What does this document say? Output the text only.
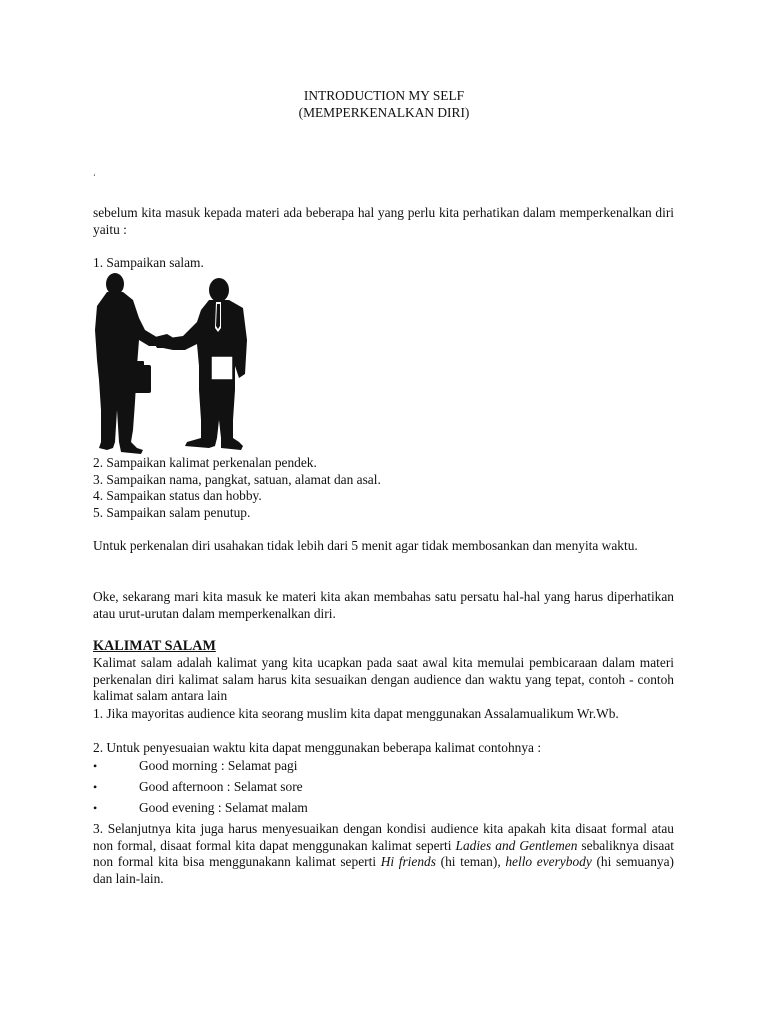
INTRODUCTION MY SELF
(MEMPERKENALKAN DIRI)
ʻ
sebelum kita masuk kepada materi ada beberapa hal yang perlu kita perhatikan dalam memperkenalkan diri yaitu :
1. Sampaikan salam.
2. Sampaikan kalimat perkenalan pendek.
3. Sampaikan nama, pangkat, satuan, alamat dan asal.
4. Sampaikan status dan hobby.
5. Sampaikan salam penutup.
Untuk perkenalan diri usahakan tidak lebih dari 5 menit agar tidak membosankan dan menyita waktu.
Oke, sekarang mari kita masuk ke materi kita akan membahas satu persatu hal-hal yang harus diperhatikan atau urut-urutan dalam memperkenalkan diri.
KALIMAT SALAM
Kalimat salam adalah kalimat yang kita ucapkan pada saat awal kita memulai pembicaraan dalam materi perkenalan diri kalimat salam harus kita sesuaikan dengan audience dan waktu yang tepat, contoh - contoh kalimat salam antara lain
1. Jika mayoritas audience kita seorang muslim kita dapat menggunakan Assalamualikum Wr.Wb.
2. Untuk penyesuaian waktu kita dapat menggunakan beberapa kalimat contohnya :
•	Good morning : Selamat pagi
•	Good afternoon : Selamat sore
•	Good evening : Selamat malam
3. Selanjutnya kita juga harus menyesuaikan dengan kondisi audience kita apakah kita disaat formal atau non formal, disaat formal kita dapat menggunakan kalimat seperti Ladies and Gentlemen sebaliknya disaat non formal kita bisa menggunakann kalimat seperti Hi friends (hi teman), hello everybody (hi semuanya) dan lain-lain.
